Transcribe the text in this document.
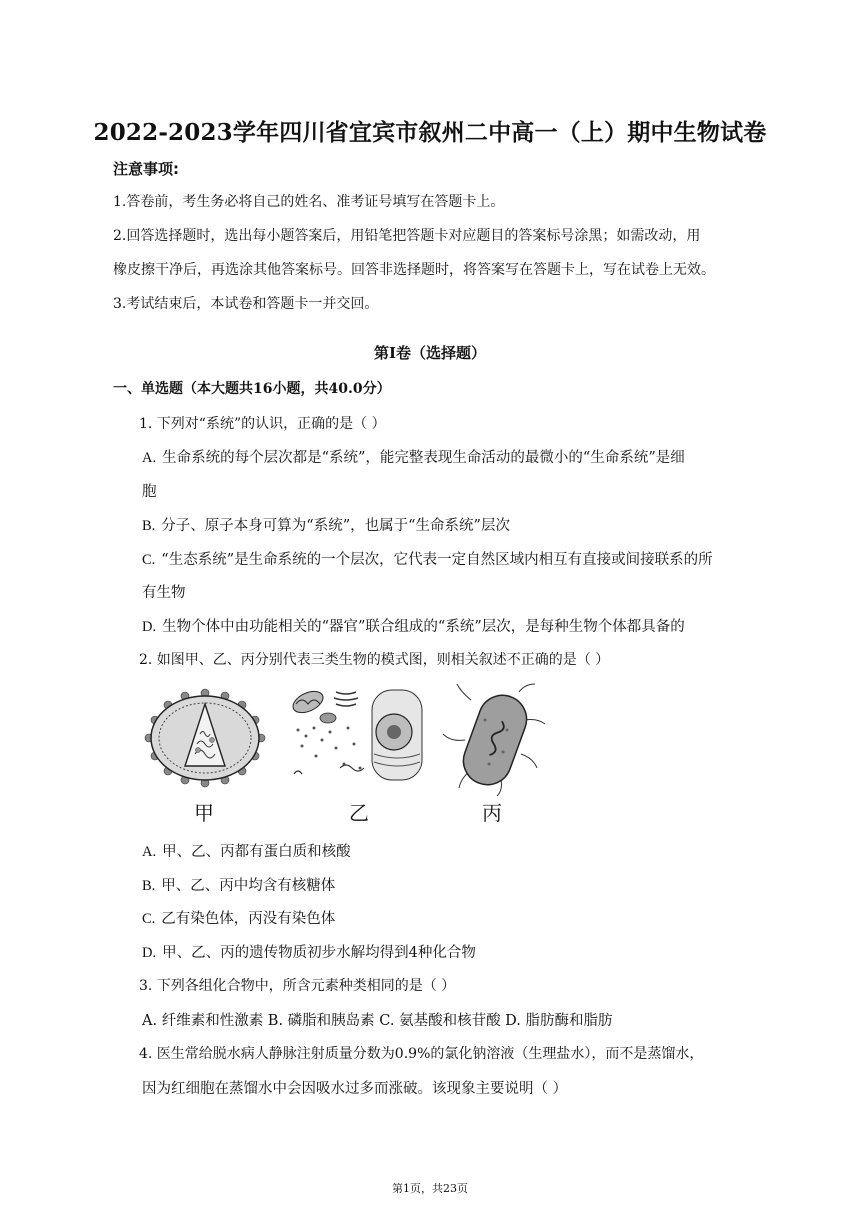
2022-2023学年四川省宜宾市叙州二中高一（上）期中生物试卷
注意事项:
1.答卷前，考生务必将自己的姓名、准考证号填写在答题卡上。
2.回答选择题时，选出每小题答案后，用铅笔把答题卡对应题目的答案标号涂黑；如需改动，用
橡皮擦干净后，再选涂其他答案标号。回答非选择题时，将答案写在答题卡上，写在试卷上无效。
3.考试结束后，本试卷和答题卡一并交回。
第Ⅰ卷（选择题）
一、单选题（本大题共16小题，共40.0分）
1. 下列对“系统”的认识，正确的是（ ）
A. 生命系统的每个层次都是“系统”，能完整表现生命活动的最微小的“生命系统”是细
胞
B. 分子、原子本身可算为“系统”，也属于“生命系统”层次
C. “生态系统”是生命系统的一个层次，它代表一定自然区域内相互有直接或间接联系的所
有生物
D. 生物个体中由功能相关的“器官”联合组成的“系统”层次，是每种生物个体都具备的
2. 如图甲、乙、丙分别代表三类生物的模式图，则相关叙述不正确的是（ ）
甲	乙	丙
A. 甲、乙、丙都有蛋白质和核酸
B. 甲、乙、丙中均含有核糖体
C. 乙有染色体，丙没有染色体
D. 甲、乙、丙的遗传物质初步水解均得到4种化合物
3. 下列各组化合物中，所含元素种类相同的是（ ）
A. 纤维素和性激素 B. 磷脂和胰岛素 C. 氨基酸和核苷酸 D. 脂肪酶和脂肪
4. 医生常给脱水病人静脉注射质量分数为0.9%的氯化钠溶液（生理盐水），而不是蒸馏水，
因为红细胞在蒸馏水中会因吸水过多而涨破。该现象主要说明（ ）
第1页，共23页
